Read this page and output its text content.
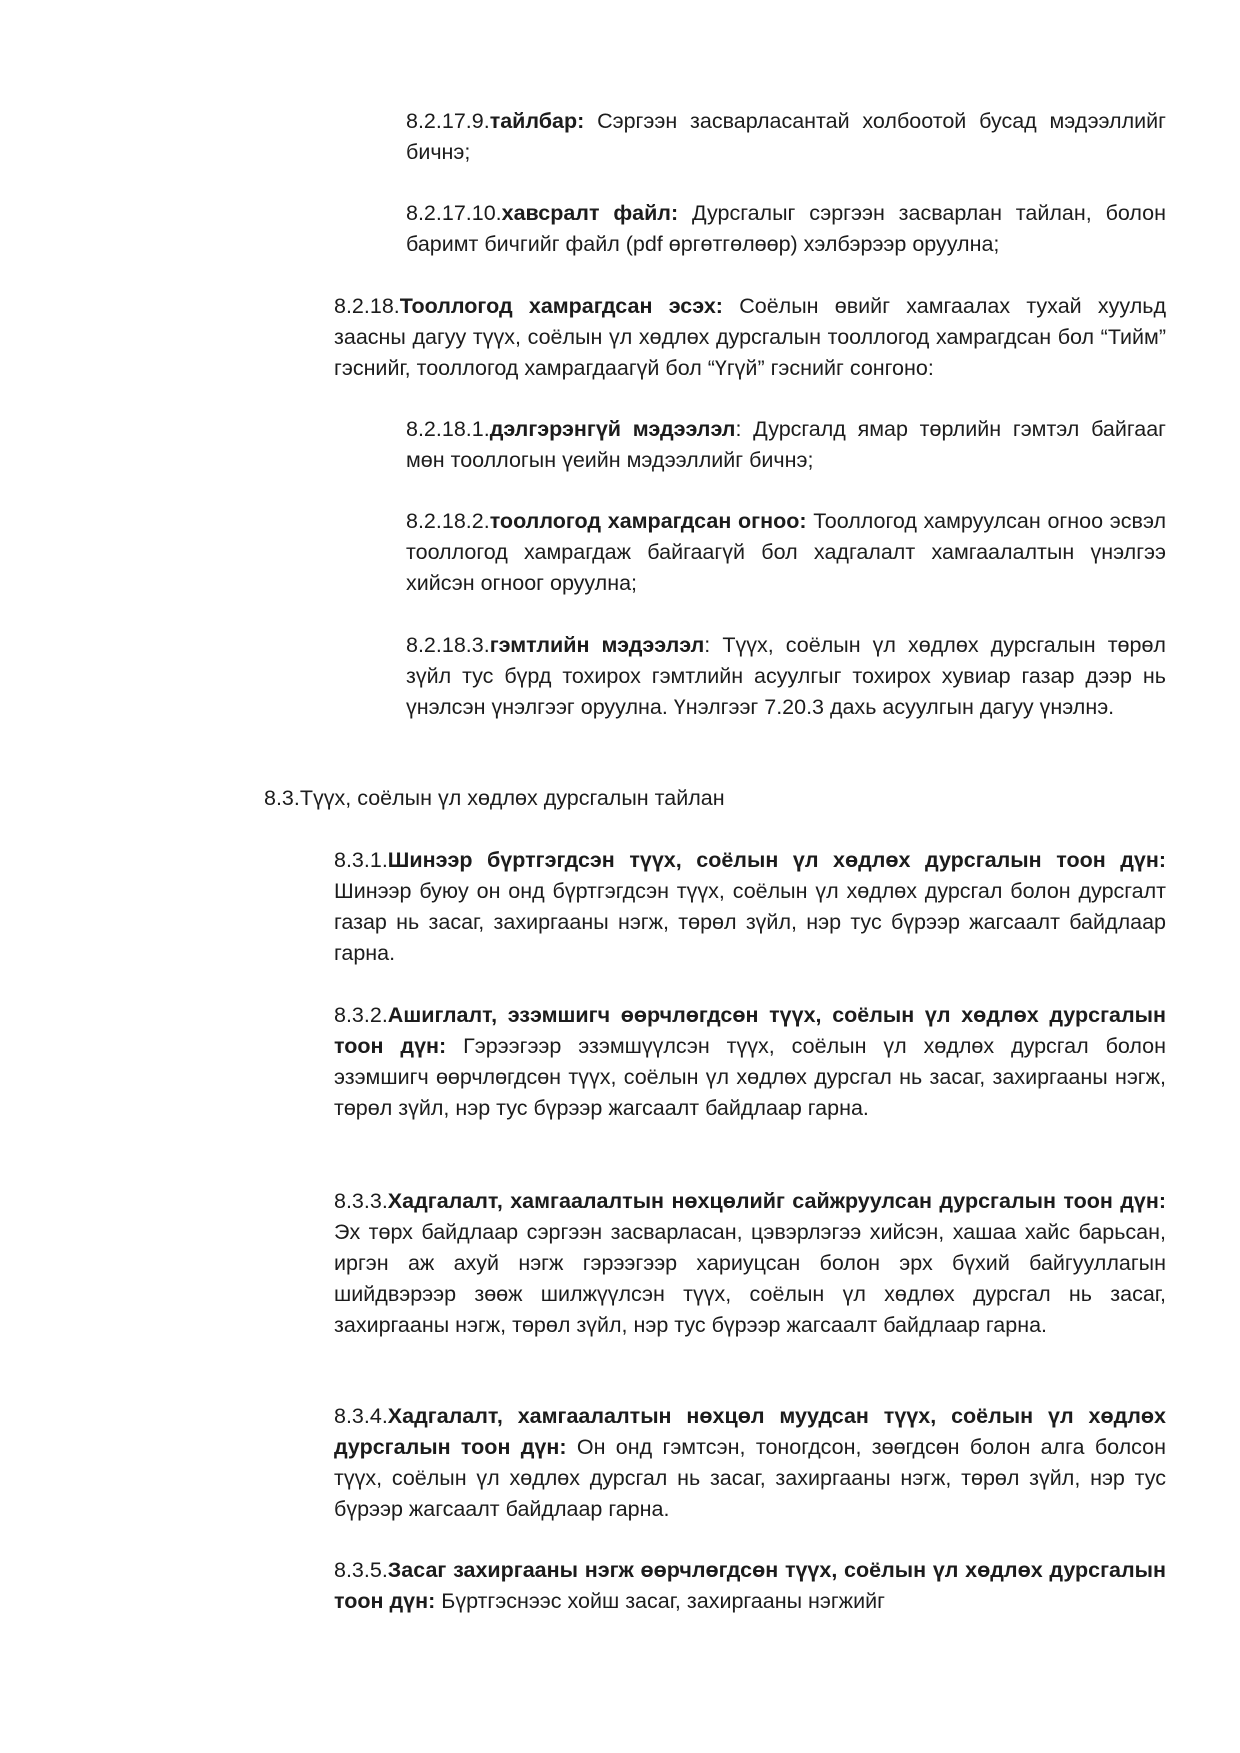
8.2.17.9.тайлбар: Сэргээн засварласантай холбоотой бусад мэдээллийг бичнэ;

8.2.17.10.хавсралт файл: Дурсгалыг сэргээн засварлан тайлан, болон баримт бичгийг файл (pdf өргөтгөлөөр) хэлбэрээр оруулна;

8.2.18.Тооллогод хамрагдсан эсэх: Соёлын өвийг хамгаалах тухай хуульд заасны дагуу түүх, соёлын үл хөдлөх дурсгалын тооллогод хамрагдсан бол “Тийм” гэснийг, тооллогод хамрагдаагүй бол “Үгүй” гэснийг сонгоно:

8.2.18.1.дэлгэрэнгүй мэдээлэл: Дурсгалд ямар төрлийн гэмтэл байгааг мөн тооллогын үеийн мэдээллийг бичнэ;

8.2.18.2.тооллогод хамрагдсан огноо: Тооллогод хамруулсан огноо эсвэл тооллогод хамрагдаж байгаагүй бол хадгалалт хамгаалалтын үнэлгээ хийсэн огноог оруулна;

8.2.18.3.гэмтлийн мэдээлэл: Түүх, соёлын үл хөдлөх дурсгалын төрөл зүйл тус бүрд тохирох гэмтлийн асуулгыг тохирох хувиар газар дээр нь үнэлсэн үнэлгээг оруулна. Үнэлгээг 7.20.3 дахь асуулгын дагуу үнэлнэ.

8.3.Түүх, соёлын үл хөдлөх дурсгалын тайлан

8.3.1.Шинээр бүртгэгдсэн түүх, соёлын үл хөдлөх дурсгалын тоон дүн: Шинээр буюу он онд бүртгэгдсэн түүх, соёлын үл хөдлөх дурсгал болон дурсгалт газар нь засаг, захиргааны нэгж, төрөл зүйл, нэр тус бүрээр жагсаалт байдлаар гарна.

8.3.2.Ашиглалт, эзэмшигч өөрчлөгдсөн түүх, соёлын үл хөдлөх дурсгалын тоон дүн: Гэрээгээр эзэмшүүлсэн түүх, соёлын үл хөдлөх дурсгал болон эзэмшигч өөрчлөгдсөн түүх, соёлын үл хөдлөх дурсгал нь засаг, захиргааны нэгж, төрөл зүйл, нэр тус бүрээр жагсаалт байдлаар гарна.

8.3.3.Хадгалалт, хамгаалалтын нөхцөлийг сайжруулсан дурсгалын тоон дүн: Эх төрх байдлаар сэргээн засварласан, цэвэрлэгээ хийсэн, хашаа хайс барьсан, иргэн аж ахуй нэгж гэрээгээр хариуцсан болон эрх бүхий байгууллагын шийдвэрээр зөөж шилжүүлсэн түүх, соёлын үл хөдлөх дурсгал нь засаг, захиргааны нэгж, төрөл зүйл, нэр тус бүрээр жагсаалт байдлаар гарна.

8.3.4.Хадгалалт, хамгаалалтын нөхцөл муудсан түүх, соёлын үл хөдлөх дурсгалын тоон дүн: Он онд гэмтсэн, тоногдсон, зөөгдсөн болон алга болсон түүх, соёлын үл хөдлөх дурсгал нь засаг, захиргааны нэгж, төрөл зүйл, нэр тус бүрээр жагсаалт байдлаар гарна.

8.3.5.Засаг захиргааны нэгж өөрчлөгдсөн түүх, соёлын үл хөдлөх дурсгалын тоон дүн: Бүртгэснээс хойш засаг, захиргааны нэгжийг
